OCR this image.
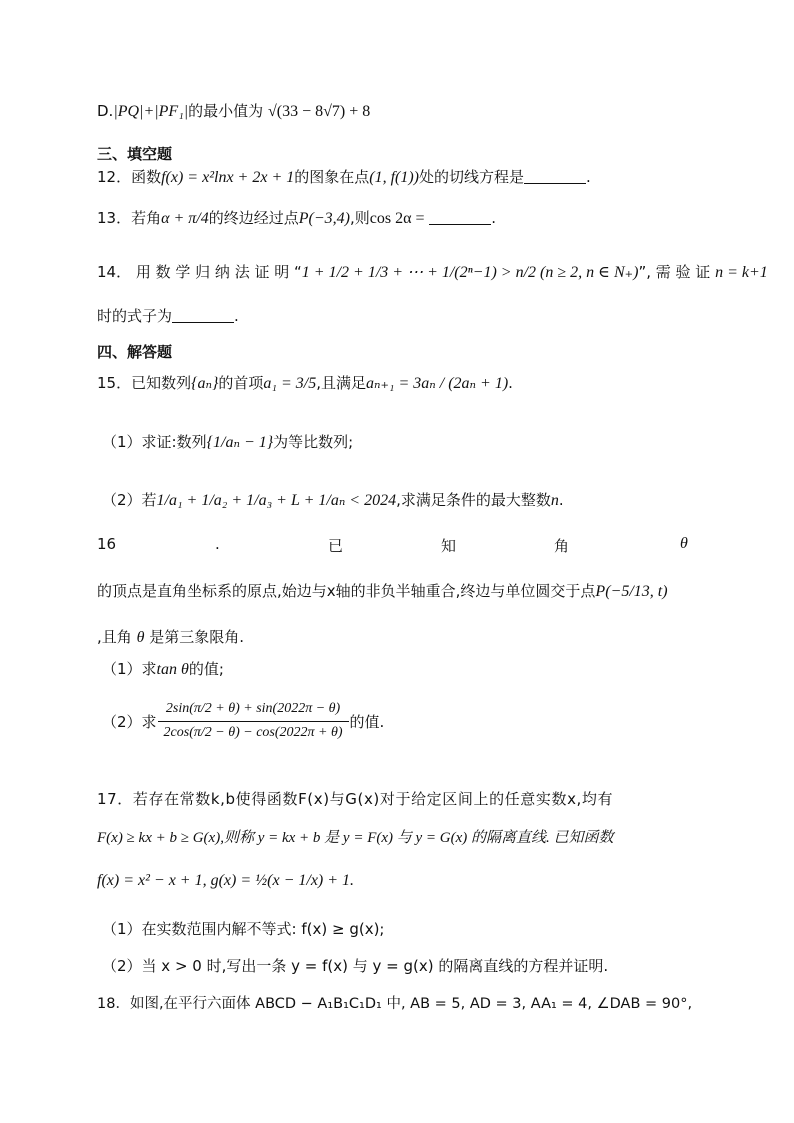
D.|PQ|+|PF₁|的最小值为 √(33 − 8√7) + 8
三、填空题
12．函数f(x) = x²lnx + 2x + 1的图象在点(1, f(1))处的切线方程是	.
13．若角α + π/4的终边经过点P(−3,4),则cos 2α =	.
14． 用 数 学 归 纳 法 证 明 “1 + 1/2 + 1/3 + ⋯ + 1/(2ⁿ−1) > n/2 (n ≥ 2, n ∈ N₊)”, 需 验 证 n = k+1
时的式子为	.
四、解答题
15．已知数列{aₙ}的首项a₁ = 3/5,且满足aₙ₊₁ = 3aₙ / (2aₙ + 1).
（1）求证:数列{1/aₙ − 1}为等比数列;
（2）若1/a₁ + 1/a₂ + 1/a₃ + L + 1/aₙ < 2024,求满足条件的最大整数n.
16	.	已	知	角	θ
的顶点是直角坐标系的原点,始边与x轴的非负半轴重合,终边与单位圆交于点P(−5/13, t)
,且角 θ 是第三象限角.
（1）求tan θ的值;
（2）求 $\frac{2\sin(\pi/2 + \theta) + \sin(2022\pi - \theta)}{2\cos(\pi/2 - \theta) - \cos(2022\pi + \theta)}$ 的值.
17．若存在常数k,b使得函数F(x)与G(x)对于给定区间上的任意实数x,均有
F(x) ≥ kx + b ≥ G(x),则称 y = kx + b 是 y = F(x) 与 y = G(x) 的隔离直线. 已知函数
f(x) = x² − x + 1, g(x) = ½(x − 1/x) + 1.
（1）在实数范围内解不等式: f(x) ≥ g(x);
（2）当 x > 0 时,写出一条 y = f(x) 与 y = g(x) 的隔离直线的方程并证明.
18．如图,在平行六面体 ABCD − A₁B₁C₁D₁ 中, AB = 5, AD = 3, AA₁ = 4, ∠DAB = 90°,
